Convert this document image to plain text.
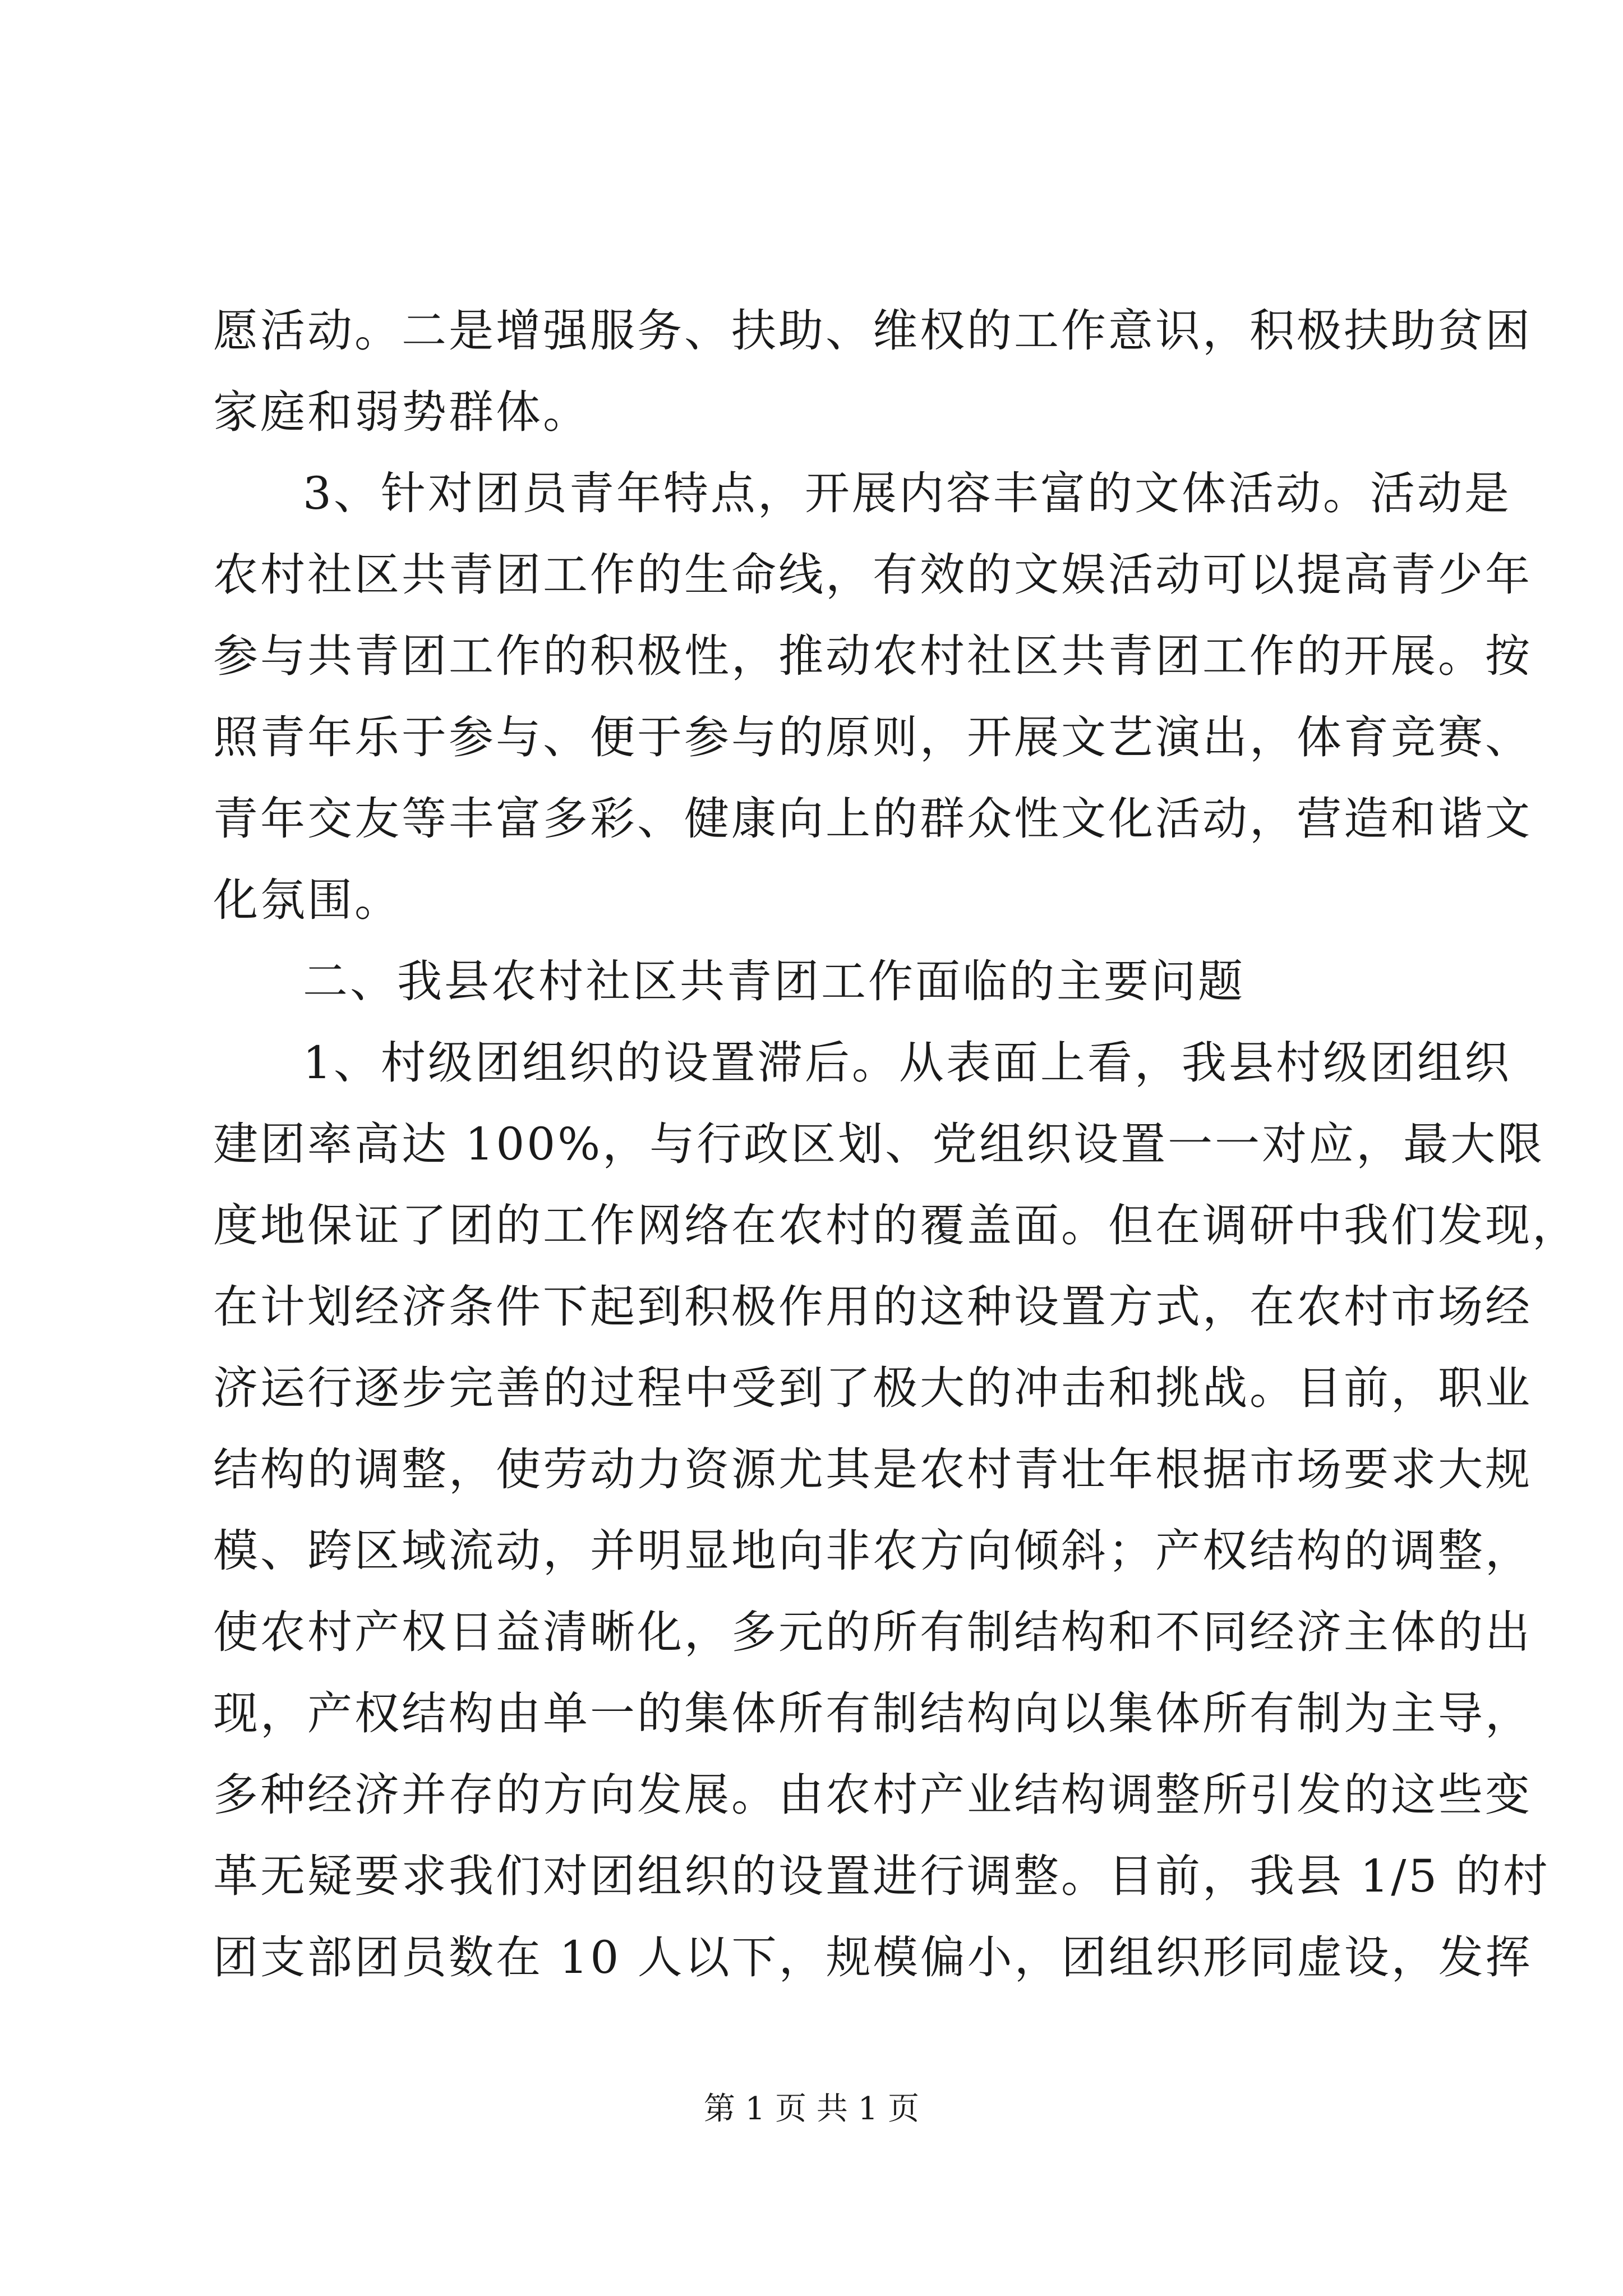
愿活动。二是增强服务、扶助、维权的工作意识，积极扶助贫困
家庭和弱势群体。
3、针对团员青年特点，开展内容丰富的文体活动。活动是
农村社区共青团工作的生命线，有效的文娱活动可以提高青少年
参与共青团工作的积极性，推动农村社区共青团工作的开展。按
照青年乐于参与、便于参与的原则，开展文艺演出，体育竞赛、
青年交友等丰富多彩、健康向上的群众性文化活动，营造和谐文
化氛围。
二、我县农村社区共青团工作面临的主要问题
1、村级团组织的设置滞后。从表面上看，我县村级团组织
建团率高达 100%，与行政区划、党组织设置一一对应，最大限
度地保证了团的工作网络在农村的覆盖面。但在调研中我们发现，
在计划经济条件下起到积极作用的这种设置方式，在农村市场经
济运行逐步完善的过程中受到了极大的冲击和挑战。目前，职业
结构的调整，使劳动力资源尤其是农村青壮年根据市场要求大规
模、跨区域流动，并明显地向非农方向倾斜；产权结构的调整，
使农村产权日益清晰化，多元的所有制结构和不同经济主体的出
现，产权结构由单一的集体所有制结构向以集体所有制为主导，
多种经济并存的方向发展。由农村产业结构调整所引发的这些变
革无疑要求我们对团组织的设置进行调整。目前，我县 1/5 的村
团支部团员数在 10 人以下，规模偏小，团组织形同虚设，发挥
第 1 页 共 1 页
